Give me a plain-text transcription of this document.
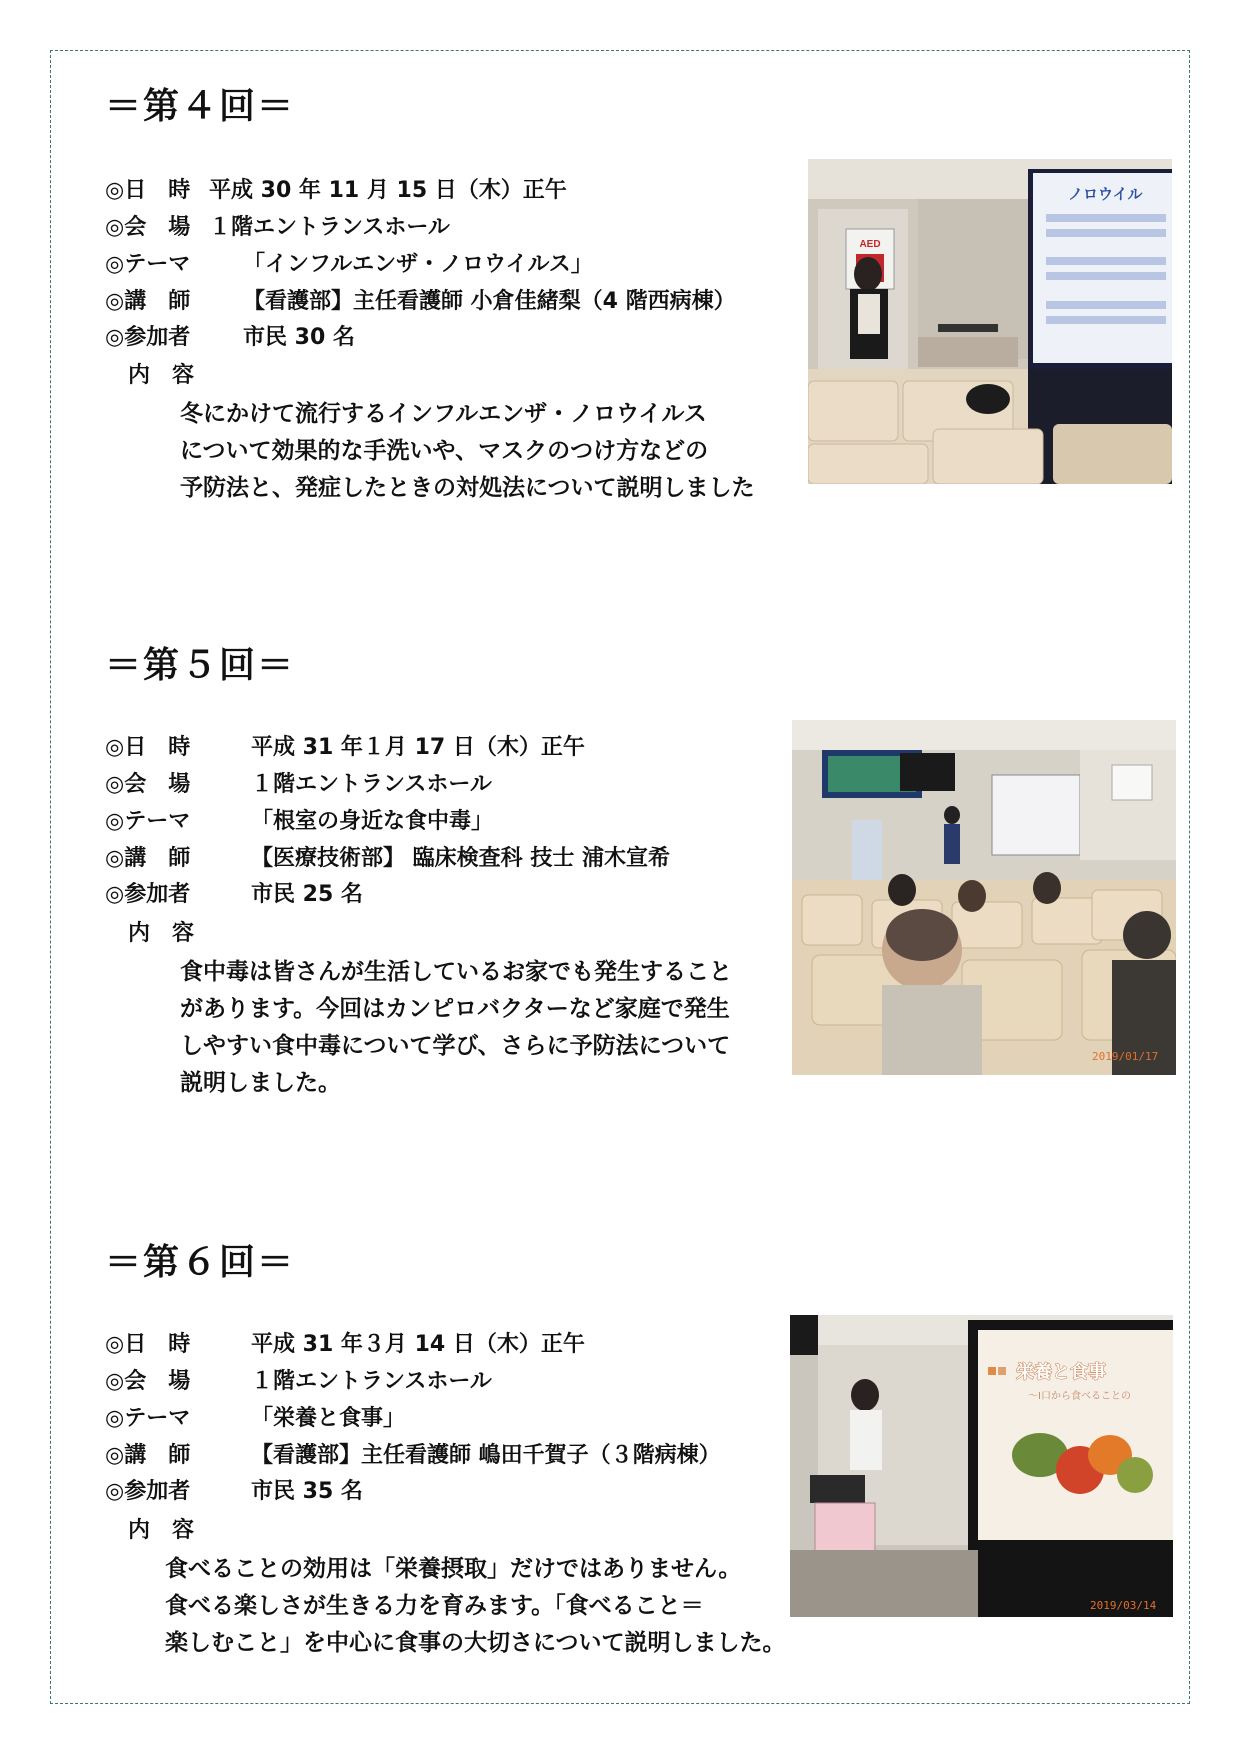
＝第４回＝
◎日　時 平成 30 年 11 月 15 日（木）正午
◎会　場 １階エントランスホール
◎テーマ 「インフルエンザ・ノロウイルス」
◎講　師 【看護部】主任看護師 小倉佳緒梨（4 階西病棟）
◎参加者 市民 30 名
内　容
冬にかけて流行するインフルエンザ・ノロウイルス
について効果的な手洗いや、マスクのつけ方などの
予防法と、発症したときの対処法について説明しました
AED
ノロウイル
＝第５回＝
◎日　時	平成 31 年１月 17 日（木）正午
◎会　場	１階エントランスホール
◎テーマ	「根室の身近な食中毒」
◎講　師	【医療技術部】 臨床検査科 技士 浦木宣希
◎参加者	市民 25 名
内　容
食中毒は皆さんが生活しているお家でも発生すること
があります。今回はカンピロバクターなど家庭で発生
しやすい食中毒について学び、さらに予防法について
説明しました。
2019/01/17
＝第６回＝
◎日　時	平成 31 年３月 14 日（木）正午
◎会　場	１階エントランスホール
◎テーマ	「栄養と食事」
◎講　師	【看護部】主任看護師 嶋田千賀子（３階病棟）
◎参加者	市民 35 名
内　容
食べることの効用は「栄養摂取」だけではありません。
食べる楽しさが生きる力を育みます。「食べること＝
楽しむこと」を中心に食事の大切さについて説明しました。
栄養と食事
～I口から食べることの
2019/03/14
